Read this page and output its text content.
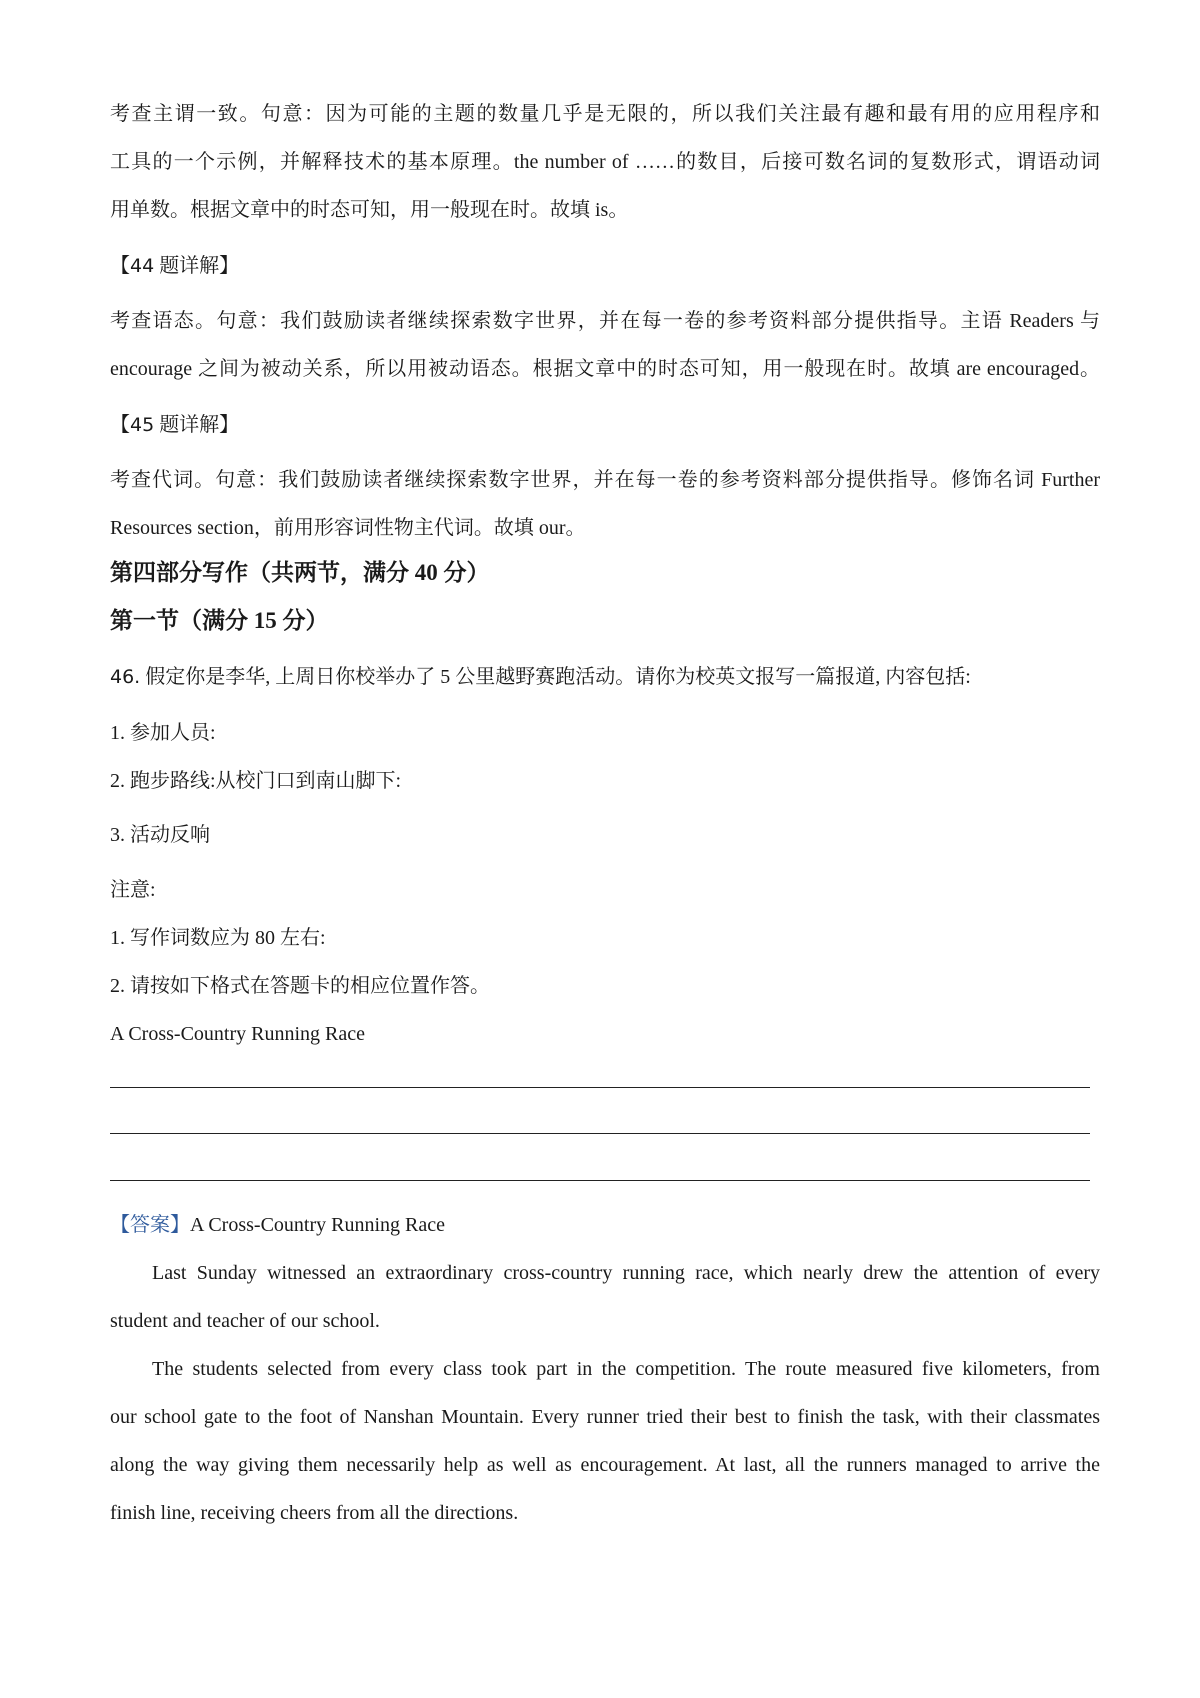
考查主谓一致。句意：因为可能的主题的数量几乎是无限的，所以我们关注最有趣和最有用的应用程序和
工具的一个示例，并解释技术的基本原理。the number of ……的数目，后接可数名词的复数形式，谓语动词
用单数。根据文章中的时态可知，用一般现在时。故填 is。
【44 题详解】
考查语态。句意：我们鼓励读者继续探索数字世界，并在每一卷的参考资料部分提供指导。主语 Readers 与
encourage 之间为被动关系，所以用被动语态。根据文章中的时态可知，用一般现在时。故填 are encouraged。
【45 题详解】
考查代词。句意：我们鼓励读者继续探索数字世界，并在每一卷的参考资料部分提供指导。修饰名词 Further
Resources section，前用形容词性物主代词。故填 our。
第四部分写作（共两节，满分 40 分）
第一节（满分 15 分）
46. 假定你是李华, 上周日你校举办了 5 公里越野赛跑活动。请你为校英文报写一篇报道, 内容包括:
1. 参加人员:
2. 跑步路线:从校门口到南山脚下:
3. 活动反响
注意:
1. 写作词数应为 80 左右:
2. 请按如下格式在答题卡的相应位置作答。
A Cross-Country Running Race
【答案】A Cross-Country Running Race
Last Sunday witnessed an extraordinary cross-country running race, which nearly drew the attention of every
student and teacher of our school.
The students selected from every class took part in the competition. The route measured five kilometers, from
our school gate to the foot of Nanshan Mountain. Every runner tried their best to finish the task, with their classmates
along the way giving them necessarily help as well as encouragement. At last, all the runners managed to arrive the
finish line, receiving cheers from all the directions.
